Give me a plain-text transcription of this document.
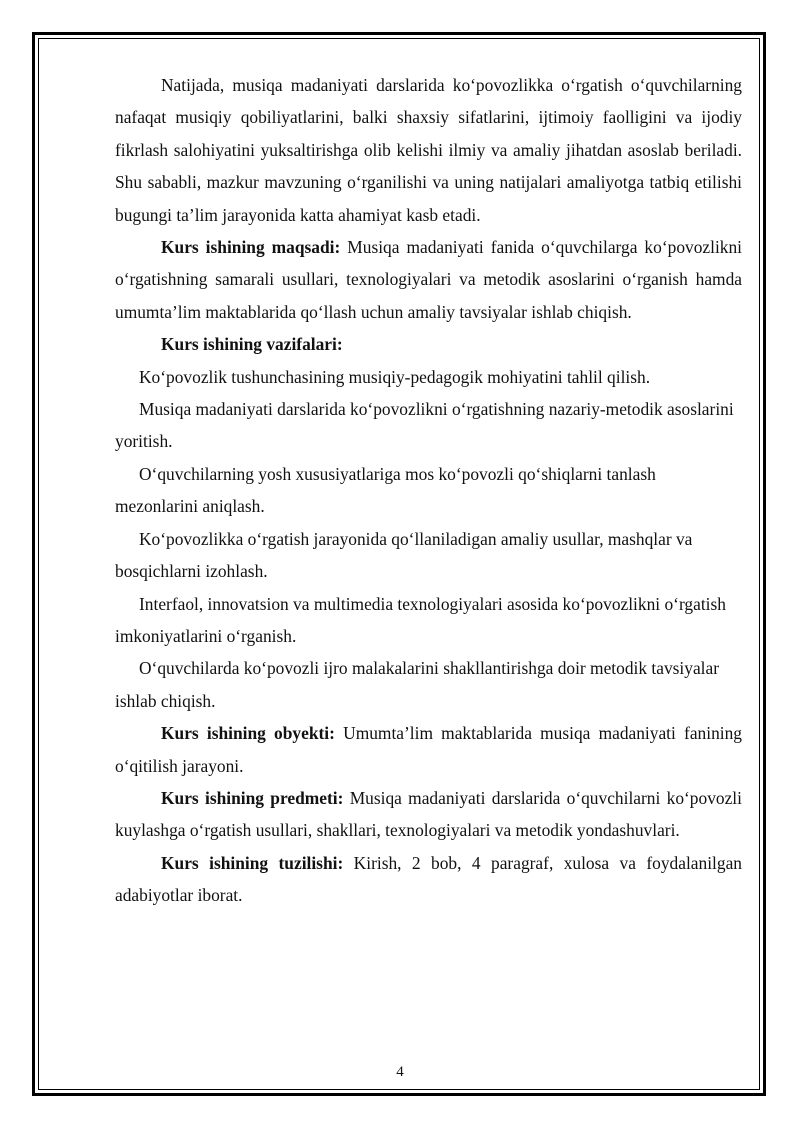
Natijada, musiqa madaniyati darslarida ko‘povozlikka o‘rgatish o‘quvchilarning nafaqat musiqiy qobiliyatlarini, balki shaxsiy sifatlarini, ijtimoiy faolligini va ijodiy fikrlash salohiyatini yuksaltirishga olib kelishi ilmiy va amaliy jihatdan asoslab beriladi. Shu sababli, mazkur mavzuning o‘rganilishi va uning natijalari amaliyotga tatbiq etilishi bugungi ta’lim jarayonida katta ahamiyat kasb etadi.

Kurs ishining maqsadi: Musiqa madaniyati fanida o‘quvchilarga ko‘povozlikni o‘rgatishning samarali usullari, texnologiyalari va metodik asoslarini o‘rganish hamda umumta’lim maktablarida qo‘llash uchun amaliy tavsiyalar ishlab chiqish.

Kurs ishining vazifalari:

Ko‘povozlik tushunchasining musiqiy-pedagogik mohiyatini tahlil qilish.

Musiqa madaniyati darslarida ko‘povozlikni o‘rgatishning nazariy-metodik asoslarini yoritish.

O‘quvchilarning yosh xususiyatlariga mos ko‘povozli qo‘shiqlarni tanlash mezonlarini aniqlash.

Ko‘povozlikka o‘rgatish jarayonida qo‘llaniladigan amaliy usullar, mashqlar va bosqichlarni izohlash.

Interfaol, innovatsion va multimedia texnologiyalari asosida ko‘povozlikni o‘rgatish imkoniyatlarini o‘rganish.

O‘quvchilarda ko‘povozli ijro malakalarini shakllantirishga doir metodik tavsiyalar ishlab chiqish.

Kurs ishining obyekti: Umumta’lim maktablarida musiqa madaniyati fanining o‘qitilish jarayoni.

Kurs ishining predmeti: Musiqa madaniyati darslarida o‘quvchilarni ko‘povozli kuylashga o‘rgatish usullari, shakllari, texnologiyalari va metodik yondashuvlari.

Kurs ishining tuzilishi: Kirish, 2 bob, 4 paragraf, xulosa va foydalanilgan adabiyotlar iborat.

4
